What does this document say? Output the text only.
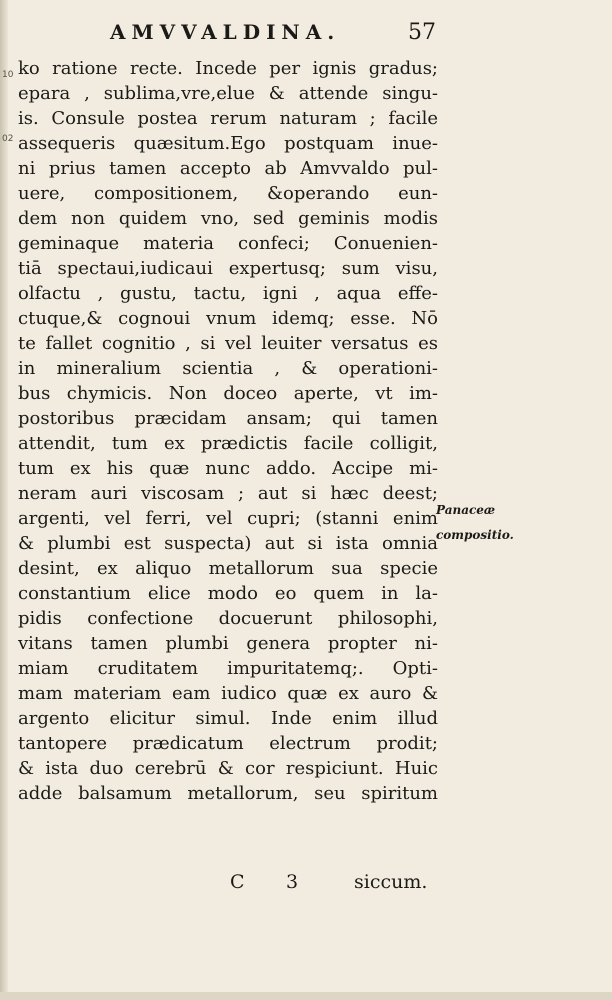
AMVVALDINA.	57
10
02
ko ratione recte. Incede per ignis gradus;
epara , sublima,vre,elue & attende singu-
is. Consule postea rerum naturam ; facile
assequeris quæsitum.Ego postquam inue-
ni prius tamen accepto ab Amvvaldo pul-
uere, compositionem, &operando eun-
dem non quidem vno, sed geminis modis
geminaque materia confeci; Conuenien-
tiā spectaui,iudicaui expertusq; sum visu,
olfactu , gustu, tactu, igni , aqua effe-
ctuque,& cognoui vnum idemq; esse. Nō
te fallet cognitio , si vel leuiter versatus es
in mineralium scientia , & operationi-
bus chymicis. Non doceo aperte, vt im-
postoribus præcidam ansam; qui tamen
attendit, tum ex prædictis facile colligit,
tum ex his quæ nunc addo. Accipe mi-
neram auri viscosam ; aut si hæc deest;
argenti, vel ferri, vel cupri; (stanni enim
& plumbi est suspecta) aut si ista omnia
desint, ex aliquo metallorum sua specie
constantium elice modo eo quem in la-
pidis confectione docuerunt philosophi,
vitans tamen plumbi genera propter ni-
miam cruditatem impuritatemq;. Opti-
mam materiam eam iudico quæ ex auro &
argento elicitur simul. Inde enim illud
tantopere prædicatum electrum prodit;
& ista duo cerebrū & cor respiciunt. Huic
adde balsamum metallorum, seu spiritum
Panaceæ
compositio.
C 3	siccum.
